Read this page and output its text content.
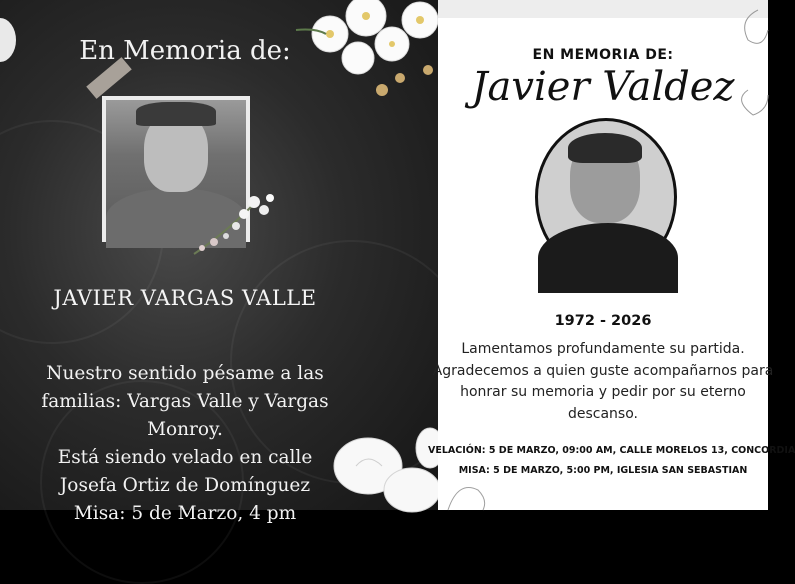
En Memoria de:
JAVIER VARGAS VALLE

Nuestro sentido pésame a las

familias: Vargas Valle y Vargas

Monroy.

Está siendo velado en calle

Josefa Ortiz de Domínguez

Misa: 5 de Marzo, 4 pm

EN MEMORIA DE:
Javier Valdez
1972 - 2026

Lamentamos profundamente su partida.

Agradecemos a quien guste acompañarnos para

honrar su memoria y pedir por su eterno

descanso.

VELACIÓN: 5 DE MARZO, 09:00 AM, CALLE MORELOS 13, CONCORDIA
MISA: 5 DE MARZO, 5:00 PM, IGLESIA SAN SEBASTIAN
